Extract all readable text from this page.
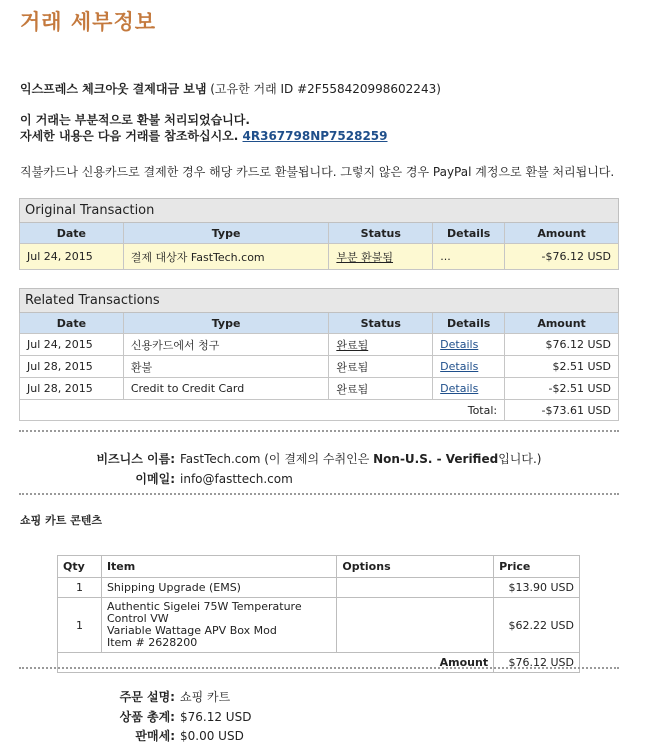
거래 세부정보
익스프레스 체크아웃 결제대금 보냄 (고유한 거래 ID #2F558420998602243)
이 거래는 부분적으로 환불 처리되었습니다.
자세한 내용은 다음 거래를 참조하십시오. 4R367798NP7528259
직불카드나 신용카드로 결제한 경우 해당 카드로 환불됩니다. 그렇지 않은 경우 PayPal 계정으로 환불 처리됩니다.
Original Transaction				
Date	Type	Status	Details	Amount
Jul 24, 2015	결제 대상자 FastTech.com	부분 환불됨	...	-$76.12 USD
Related Transactions				
Date	Type	Status	Details	Amount
Jul 24, 2015	신용카드에서 청구	완료됨	Details	$76.12 USD
Jul 28, 2015	환불	완료됨	Details	$2.51 USD
Jul 28, 2015	Credit to Credit Card	완료됨	Details	-$2.51 USD
Total:				-$73.61 USD
비즈니스 이름: FastTech.com (이 결제의 수취인은 Non-U.S. - Verified입니다.)
이메일: info@fasttech.com
쇼핑 카트 콘텐츠
Qty	Item	Options	Price
1	Shipping Upgrade (EMS)		$13.90 USD
1	Authentic Sigelei 75W Temperature Control VW
Variable Wattage APV Box Mod
Item # 2628200		$62.22 USD
Amount			$76.12 USD
주문 설명: 쇼핑 카트
상품 총계: $76.12 USD
판매세: $0.00 USD
